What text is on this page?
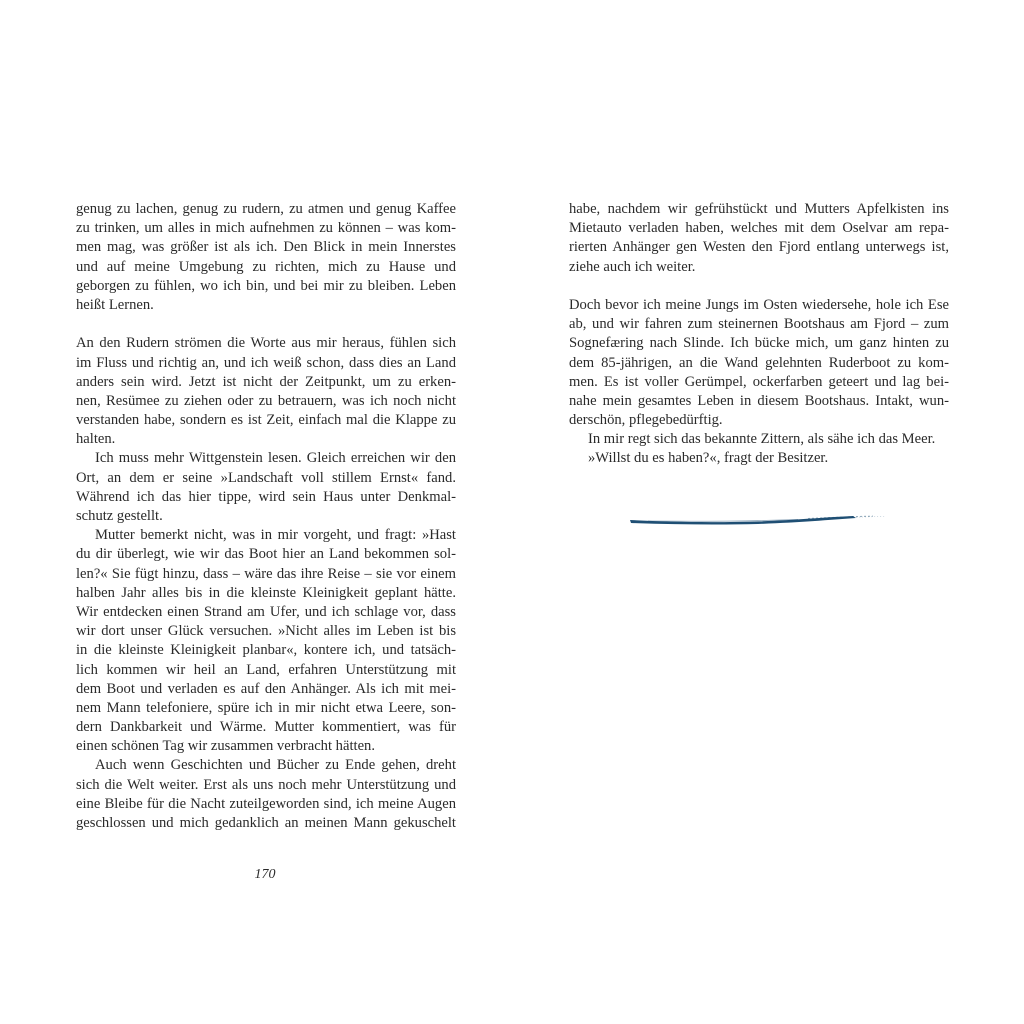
genug zu lachen, genug zu rudern, zu atmen und genug Kaffee
zu trinken, um alles in mich aufnehmen zu können – was kom-
men mag, was größer ist als ich. Den Blick in mein Innerstes
und auf meine Umgebung zu richten, mich zu Hause und
geborgen zu fühlen, wo ich bin, und bei mir zu bleiben. Leben
heißt Lernen.
An den Rudern strömen die Worte aus mir heraus, fühlen sich
im Fluss und richtig an, und ich weiß schon, dass dies an Land
anders sein wird. Jetzt ist nicht der Zeitpunkt, um zu erken-
nen, Resümee zu ziehen oder zu betrauern, was ich noch nicht
verstanden habe, sondern es ist Zeit, einfach mal die Klappe zu
halten.
Ich muss mehr Wittgenstein lesen. Gleich erreichen wir den
Ort, an dem er seine »Landschaft voll stillem Ernst« fand.
Während ich das hier tippe, wird sein Haus unter Denkmal-
schutz gestellt.
Mutter bemerkt nicht, was in mir vorgeht, und fragt: »Hast
du dir überlegt, wie wir das Boot hier an Land bekommen sol-
len?« Sie fügt hinzu, dass – wäre das ihre Reise – sie vor einem
halben Jahr alles bis in die kleinste Kleinigkeit geplant hätte.
Wir entdecken einen Strand am Ufer, und ich schlage vor, dass
wir dort unser Glück versuchen. »Nicht alles im Leben ist bis
in die kleinste Kleinigkeit planbar«, kontere ich, und tatsäch-
lich kommen wir heil an Land, erfahren Unterstützung mit
dem Boot und verladen es auf den Anhänger. Als ich mit mei-
nem Mann telefoniere, spüre ich in mir nicht etwa Leere, son-
dern Dankbarkeit und Wärme. Mutter kommentiert, was für
einen schönen Tag wir zusammen verbracht hätten.
Auch wenn Geschichten und Bücher zu Ende gehen, dreht
sich die Welt weiter. Erst als uns noch mehr Unterstützung und
eine Bleibe für die Nacht zuteilgeworden sind, ich meine Augen
geschlossen und mich gedanklich an meinen Mann gekuschelt
habe, nachdem wir gefrühstückt und Mutters Apfelkisten ins
Mietauto verladen haben, welches mit dem Oselvar am repa-
rierten Anhänger gen Westen den Fjord entlang unterwegs ist,
ziehe auch ich weiter.
Doch bevor ich meine Jungs im Osten wiedersehe, hole ich Ese
ab, und wir fahren zum steinernen Bootshaus am Fjord – zum
Sognefæring nach Slinde. Ich bücke mich, um ganz hinten zu
dem 85-jährigen, an die Wand gelehnten Ruderboot zu kom-
men. Es ist voller Gerümpel, ockerfarben geteert und lag bei-
nahe mein gesamtes Leben in diesem Bootshaus. Intakt, wun-
derschön, pflegebedürftig.
In mir regt sich das bekannte Zittern, als sähe ich das Meer.
»Willst du es haben?«, fragt der Besitzer.
170
